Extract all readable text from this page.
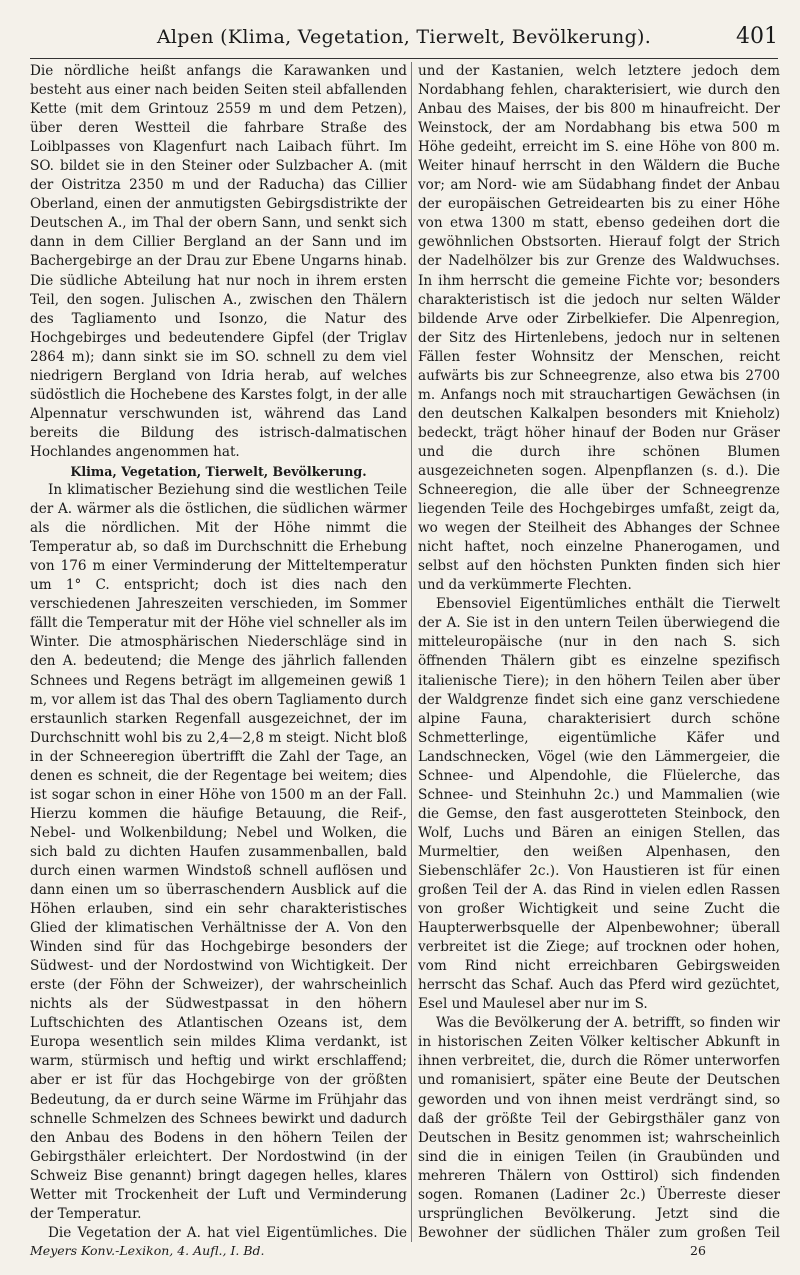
Alpen (Klima, Vegetation, Tierwelt, Bevölkerung).	401

Die nördliche heißt anfangs die Karawanken und besteht aus einer nach beiden Seiten steil abfallenden Kette (mit dem Grintouz 2559 m und dem Petzen), über deren Westteil die fahrbare Straße des Loiblpasses von Klagenfurt nach Laibach führt. Im SO. bildet sie in den Steiner oder Sulzbacher A. (mit der Oistritza 2350 m und der Raducha) das Cillier Oberland, einen der anmutigsten Gebirgsdistrikte der Deutschen A., im Thal der obern Sann, und senkt sich dann in dem Cillier Bergland an der Sann und im Bachergebirge an der Drau zur Ebene Ungarns hinab. Die südliche Abteilung hat nur noch in ihrem ersten Teil, den sogen. Julischen A., zwischen den Thälern des Tagliamento und Isonzo, die Natur des Hochgebirges und bedeutendere Gipfel (der Triglav 2864 m); dann sinkt sie im SO. schnell zu dem viel niedrigern Bergland von Idria herab, auf welches südöstlich die Hochebene des Karstes folgt, in der alle Alpennatur verschwunden ist, während das Land bereits die Bildung des istrisch-dalmatischen Hochlandes angenommen hat.

Klima, Vegetation, Tierwelt, Bevölkerung.

In klimatischer Beziehung sind die westlichen Teile der A. wärmer als die östlichen, die südlichen wärmer als die nördlichen. Mit der Höhe nimmt die Temperatur ab, so daß im Durchschnitt die Erhebung von 176 m einer Verminderung der Mitteltemperatur um 1° C. entspricht; doch ist dies nach den verschiedenen Jahreszeiten verschieden, im Sommer fällt die Temperatur mit der Höhe viel schneller als im Winter. Die atmosphärischen Niederschläge sind in den A. bedeutend; die Menge des jährlich fallenden Schnees und Regens beträgt im allgemeinen gewiß 1 m, vor allem ist das Thal des obern Tagliamento durch erstaunlich starken Regenfall ausgezeichnet, der im Durchschnitt wohl bis zu 2,4—2,8 m steigt. Nicht bloß in der Schneeregion übertrifft die Zahl der Tage, an denen es schneit, die der Regentage bei weitem; dies ist sogar schon in einer Höhe von 1500 m an der Fall. Hierzu kommen die häufige Betauung, die Reif-, Nebel- und Wolkenbildung; Nebel und Wolken, die sich bald zu dichten Haufen zusammenballen, bald durch einen warmen Windstoß schnell auflösen und dann einen um so überraschendern Ausblick auf die Höhen erlauben, sind ein sehr charakteristisches Glied der klimatischen Verhältnisse der A. Von den Winden sind für das Hochgebirge besonders der Südwest- und der Nordostwind von Wichtigkeit. Der erste (der Föhn der Schweizer), der wahrscheinlich nichts als der Südwestpassat in den höhern Luftschichten des Atlantischen Ozeans ist, dem Europa wesentlich sein mildes Klima verdankt, ist warm, stürmisch und heftig und wirkt erschlaffend; aber er ist für das Hochgebirge von der größten Bedeutung, da er durch seine Wärme im Frühjahr das schnelle Schmelzen des Schnees bewirkt und dadurch den Anbau des Bodens in den höhern Teilen der Gebirgsthäler erleichtert. Der Nordostwind (in der Schweiz Bise genannt) bringt dagegen helles, klares Wetter mit Trockenheit der Luft und Verminderung der Temperatur.

Die Vegetation der A. hat viel Eigentümliches. Die

und der Kastanien, welch letztere jedoch dem Nordabhang fehlen, charakterisiert, wie durch den Anbau des Maises, der bis 800 m hinaufreicht. Der Weinstock, der am Nordabhang bis etwa 500 m Höhe gedeiht, erreicht im S. eine Höhe von 800 m. Weiter hinauf herrscht in den Wäldern die Buche vor; am Nord- wie am Südabhang findet der Anbau der europäischen Getreidearten bis zu einer Höhe von etwa 1300 m statt, ebenso gedeihen dort die gewöhnlichen Obstsorten. Hierauf folgt der Strich der Nadelhölzer bis zur Grenze des Waldwuchses. In ihm herrscht die gemeine Fichte vor; besonders charakteristisch ist die jedoch nur selten Wälder bildende Arve oder Zirbelkiefer. Die Alpenregion, der Sitz des Hirtenlebens, jedoch nur in seltenen Fällen fester Wohnsitz der Menschen, reicht aufwärts bis zur Schneegrenze, also etwa bis 2700 m. Anfangs noch mit strauchartigen Gewächsen (in den deutschen Kalkalpen besonders mit Knieholz) bedeckt, trägt höher hinauf der Boden nur Gräser und die durch ihre schönen Blumen ausgezeichneten sogen. Alpenpflanzen (s. d.). Die Schneeregion, die alle über der Schneegrenze liegenden Teile des Hochgebirges umfaßt, zeigt da, wo wegen der Steilheit des Abhanges der Schnee nicht haftet, noch einzelne Phanerogamen, und selbst auf den höchsten Punkten finden sich hier und da verkümmerte Flechten.

Ebensoviel Eigentümliches enthält die Tierwelt der A. Sie ist in den untern Teilen überwiegend die mitteleuropäische (nur in den nach S. sich öffnenden Thälern gibt es einzelne spezifisch italienische Tiere); in den höhern Teilen aber über der Waldgrenze findet sich eine ganz verschiedene alpine Fauna, charakterisiert durch schöne Schmetterlinge, eigentümliche Käfer und Landschnecken, Vögel (wie den Lämmergeier, die Schnee- und Alpendohle, die Flüelerche, das Schnee- und Steinhuhn 2c.) und Mammalien (wie die Gemse, den fast ausgerotteten Steinbock, den Wolf, Luchs und Bären an einigen Stellen, das Murmeltier, den weißen Alpenhasen, den Siebenschläfer 2c.). Von Haustieren ist für einen großen Teil der A. das Rind in vielen edlen Rassen von großer Wichtigkeit und seine Zucht die Haupterwerbsquelle der Alpenbewohner; überall verbreitet ist die Ziege; auf trocknen oder hohen, vom Rind nicht erreichbaren Gebirgsweiden herrscht das Schaf. Auch das Pferd wird gezüchtet, Esel und Maulesel aber nur im S.

Was die Bevölkerung der A. betrifft, so finden wir in historischen Zeiten Völker keltischer Abkunft in ihnen verbreitet, die, durch die Römer unterworfen und romanisiert, später eine Beute der Deutschen geworden und von ihnen meist verdrängt sind, so daß der größte Teil der Gebirgsthäler ganz von Deutschen in Besitz genommen ist; wahrscheinlich sind die in einigen Teilen (in Graubünden und mehreren Thälern von Osttirol) sich findenden sogen. Romanen (Ladiner 2c.) Überreste dieser ursprünglichen Bevölkerung. Jetzt sind die Bewohner der südlichen Thäler zum großen Teil

Meyers Konv.-Lexikon, 4. Aufl., I. Bd.	26
